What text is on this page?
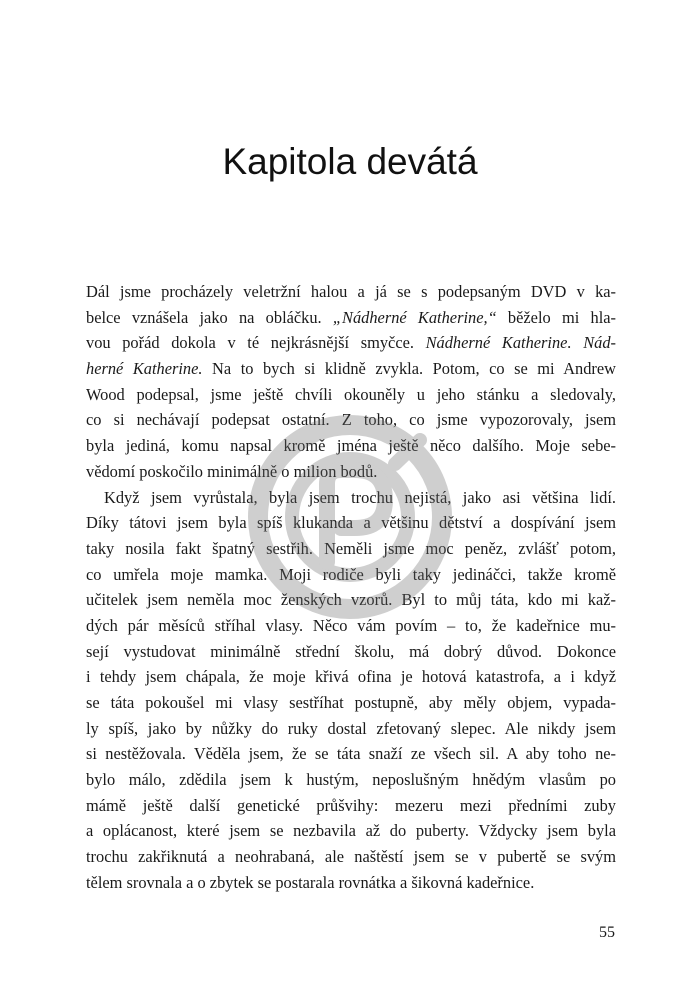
Kapitola devátá
Dál jsme procházely veletržní halou a já se s podepsaným DVD v ka-
belce vznášela jako na obláčku. „Nádherné Katherine,“ běželo mi hla-
vou pořád dokola v té nejkrásnější smyčce. Nádherné Katherine. Nád-
herné Katherine. Na to bych si klidně zvykla. Potom, co se mi Andrew
Wood podepsal, jsme ještě chvíli okouněly u jeho stánku a sledovaly,
co si nechávají podepsat ostatní. Z toho, co jsme vypozorovaly, jsem
byla jediná, komu napsal kromě jména ještě něco dalšího. Moje sebe-
vědomí poskočilo minimálně o milion bodů.
Když jsem vyrůstala, byla jsem trochu nejistá, jako asi většina lidí.
Díky tátovi jsem byla spíš klukanda a většinu dětství a dospívání jsem
taky nosila fakt špatný sestřih. Neměli jsme moc peněz, zvlášť potom,
co umřela moje mamka. Moji rodiče byli taky jedináčci, takže kromě
učitelek jsem neměla moc ženských vzorů. Byl to můj táta, kdo mi kaž-
dých pár měsíců stříhal vlasy. Něco vám povím – to, že kadeřnice mu-
sejí vystudovat minimálně střední školu, má dobrý důvod. Dokonce
i tehdy jsem chápala, že moje křivá ofina je hotová katastrofa, a i když
se táta pokoušel mi vlasy sestříhat postupně, aby měly objem, vypada-
ly spíš, jako by nůžky do ruky dostal zfetovaný slepec. Ale nikdy jsem
si nestěžovala. Věděla jsem, že se táta snaží ze všech sil. A aby toho ne-
bylo málo, zdědila jsem k hustým, neposlušným hnědým vlasům po
mámě ještě další genetické průšvihy: mezeru mezi předními zuby
a oplácanost, které jsem se nezbavila až do puberty. Vždycky jsem byla
trochu zakřiknutá a neohrabaná, ale naštěstí jsem se v pubertě se svým
tělem srovnala a o zbytek se postarala rovnátka a šikovná kadeřnice.
55
